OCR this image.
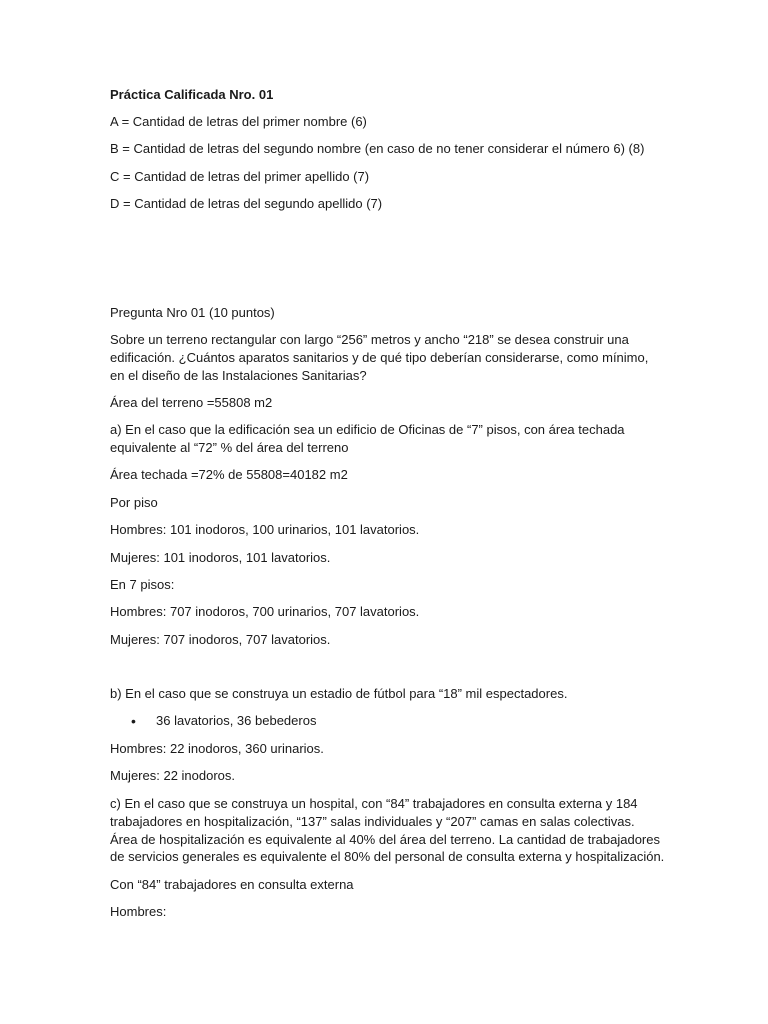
Práctica Calificada Nro. 01
A = Cantidad de letras del primer nombre (6)
B = Cantidad de letras del segundo nombre (en caso de no tener considerar el número 6) (8)
C = Cantidad de letras del primer apellido (7)
D = Cantidad de letras del segundo apellido (7)
Pregunta Nro 01 (10 puntos)
Sobre un terreno rectangular con largo “256” metros y ancho “218” se desea construir una
edificación. ¿Cuántos aparatos sanitarios y de qué tipo deberían considerarse, como mínimo,
en el diseño de las Instalaciones Sanitarias?
Área del terreno =55808 m2
a) En el caso que la edificación sea un edificio de Oficinas de “7” pisos, con área techada
equivalente al “72” % del área del terreno
Área techada =72% de 55808=40182 m2
Por piso
Hombres: 101 inodoros, 100 urinarios, 101 lavatorios.
Mujeres: 101 inodoros, 101 lavatorios.
En 7 pisos:
Hombres: 707 inodoros, 700 urinarios, 707 lavatorios.
Mujeres: 707 inodoros, 707 lavatorios.
b) En el caso que se construya un estadio de fútbol para “18” mil espectadores.
• 36 lavatorios, 36 bebederos
Hombres: 22 inodoros, 360 urinarios.
Mujeres: 22 inodoros.
c) En el caso que se construya un hospital, con “84” trabajadores en consulta externa y 184
trabajadores en hospitalización, “137” salas individuales y “207” camas en salas colectivas.
Área de hospitalización es equivalente al 40% del área del terreno. La cantidad de trabajadores
de servicios generales es equivalente el 80% del personal de consulta externa y hospitalización.
Con “84” trabajadores en consulta externa
Hombres:
